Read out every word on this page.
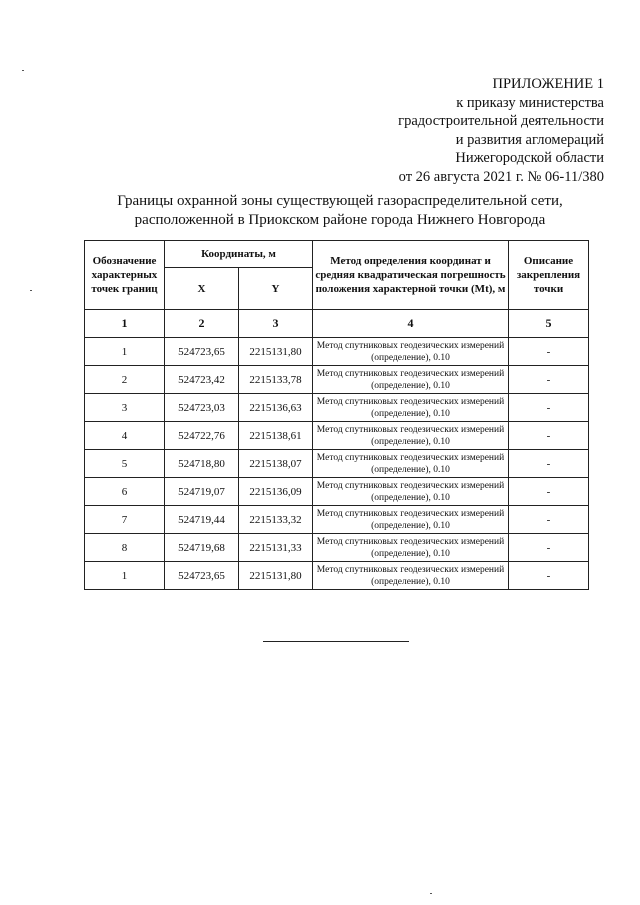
ПРИЛОЖЕНИЕ 1
к приказу министерства
градостроительной деятельности
и развития агломераций
Нижегородской области
от 26 августа 2021 г. № 06-11/380
Границы охранной зоны существующей газораспределительной сети,
расположенной в Приокском районе города Нижнего Новгорода
Обозначение характерных точек границ	Координаты, м		Метод определения координат и средняя квадратическая погрешность положения характерной точки (Mt), м	Описание закрепления точки
	X	Y		
1	2	3	4	5
1	524723,65	2215131,80	Метод спутниковых геодезических измерений (определение), 0.10	-
2	524723,42	2215133,78	Метод спутниковых геодезических измерений (определение), 0.10	-
3	524723,03	2215136,63	Метод спутниковых геодезических измерений (определение), 0.10	-
4	524722,76	2215138,61	Метод спутниковых геодезических измерений (определение), 0.10	-
5	524718,80	2215138,07	Метод спутниковых геодезических измерений (определение), 0.10	-
6	524719,07	2215136,09	Метод спутниковых геодезических измерений (определение), 0.10	-
7	524719,44	2215133,32	Метод спутниковых геодезических измерений (определение), 0.10	-
8	524719,68	2215131,33	Метод спутниковых геодезических измерений (определение), 0.10	-
1	524723,65	2215131,80	Метод спутниковых геодезических измерений (определение), 0.10	-
